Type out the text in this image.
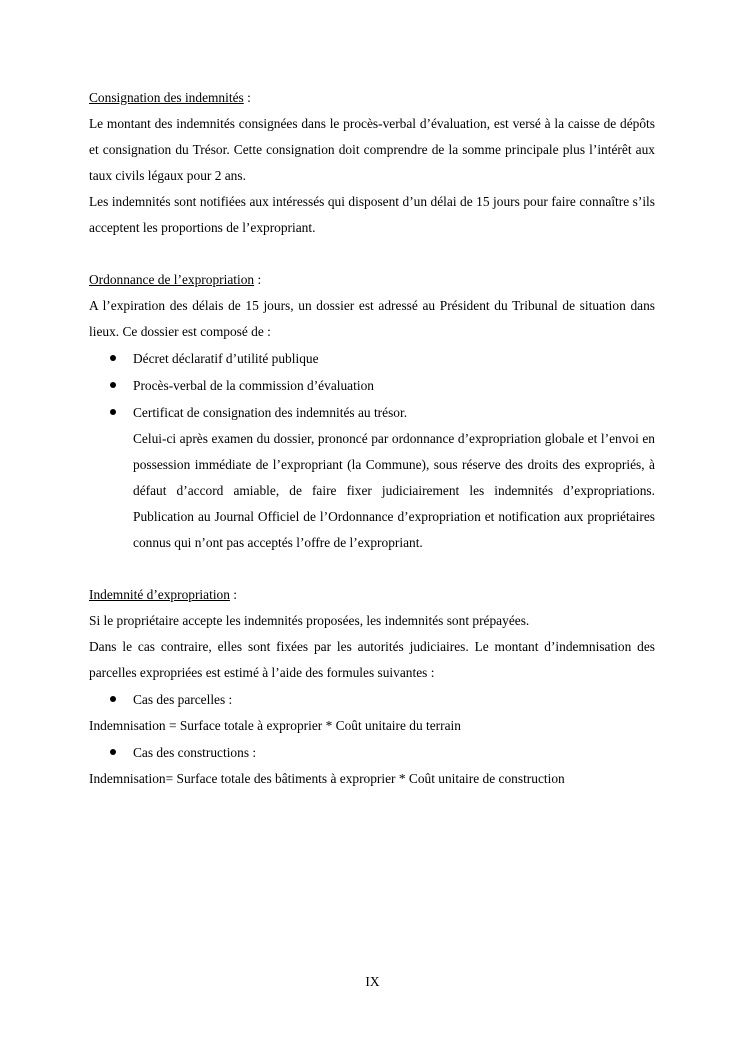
Consignation des indemnités :

Le montant des indemnités consignées dans le procès-verbal d’évaluation, est versé à la caisse de dépôts et consignation du Trésor. Cette consignation doit comprendre de la somme principale plus l’intérêt aux taux civils légaux pour 2 ans.

Les indemnités sont notifiées aux intéressés qui disposent d’un délai de 15 jours pour faire connaître s’ils acceptent les proportions de l’expropriant.

Ordonnance de l’expropriation :

A l’expiration des délais de 15 jours, un dossier est adressé au Président du Tribunal de situation dans lieux. Ce dossier est composé de :

Décret déclaratif d’utilité publique
Procès-verbal de la commission d’évaluation
Certificat de consignation des indemnités au trésor.

Celui-ci après examen du dossier, prononcé par ordonnance d’expropriation globale et l’envoi en possession immédiate de l’expropriant (la Commune), sous réserve des droits des expropriés, à défaut d’accord amiable, de faire fixer judiciairement les indemnités d’expropriations. Publication au Journal Officiel de l’Ordonnance d’expropriation et notification aux propriétaires connus qui n’ont pas acceptés l’offre de l’expropriant.

Indemnité d’expropriation :

Si le propriétaire accepte les indemnités proposées, les indemnités sont prépayées.

Dans le cas contraire, elles sont fixées par les autorités judiciaires. Le montant d’indemnisation des parcelles expropriées est estimé à l’aide des formules suivantes :

Cas des parcelles :

Indemnisation = Surface totale à exproprier * Coût unitaire du terrain

Cas des constructions :

Indemnisation= Surface totale des bâtiments à exproprier * Coût unitaire de construction

IX
